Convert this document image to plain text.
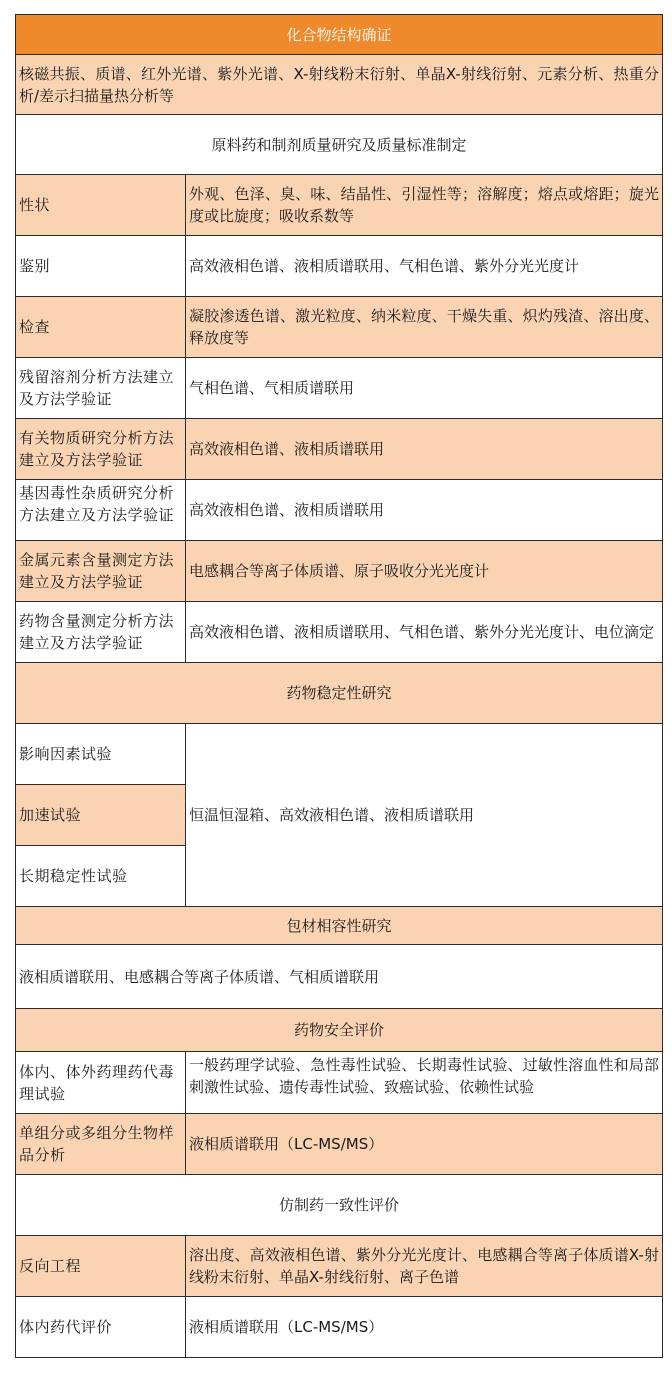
化合物结构确证	
核磁共振、质谱、红外光谱、紫外光谱、X-射线粉末衍射、单晶X-射线衍射、元素分析、热重分析/差示扫描量热分析等	
原料药和制剂质量研究及质量标准制定	
性状	外观、色泽、臭、味、结晶性、引湿性等；溶解度；熔点或熔距；旋光度或比旋度；吸收系数等
鉴别	高效液相色谱、液相质谱联用、气相色谱、紫外分光光度计
检查	凝胶渗透色谱、激光粒度、纳米粒度、干燥失重、炽灼残渣、溶出度、释放度等
残留溶剂分析方法建立及方法学验证	气相色谱、气相质谱联用
有关物质研究分析方法建立及方法学验证	高效液相色谱、液相质谱联用

基因毒性杂质研究分析方法建立及方法学验证	高效液相色谱、液相质谱联用
金属元素含量测定方法建立及方法学验证	电感耦合等离子体质谱、原子吸收分光光度计
药物含量测定分析方法建立及方法学验证	高效液相色谱、液相质谱联用、气相色谱、紫外分光光度计、电位滴定
药物稳定性研究	
影响因素试验	恒温恒湿箱、高效液相色谱、液相质谱联用
加速试验	
长期稳定性试验	
包材相容性研究	
液相质谱联用、电感耦合等离子体质谱、气相质谱联用	
药物安全评价	
体内、体外药理药代毒理试验	一般药理学试验、急性毒性试验、长期毒性试验、过敏性溶血性和局部刺激性试验、遗传毒性试验、致癌试验、依赖性试验

单组分或多组分生物样品分析	液相质谱联用（LC-MS/MS）
仿制药一致性评价	
反向工程	溶出度、高效液相色谱、紫外分光光度计、电感耦合等离子体质谱X-射线粉末衍射、单晶X-射线衍射、离子色谱
体内药代评价	液相质谱联用（LC-MS/MS）
